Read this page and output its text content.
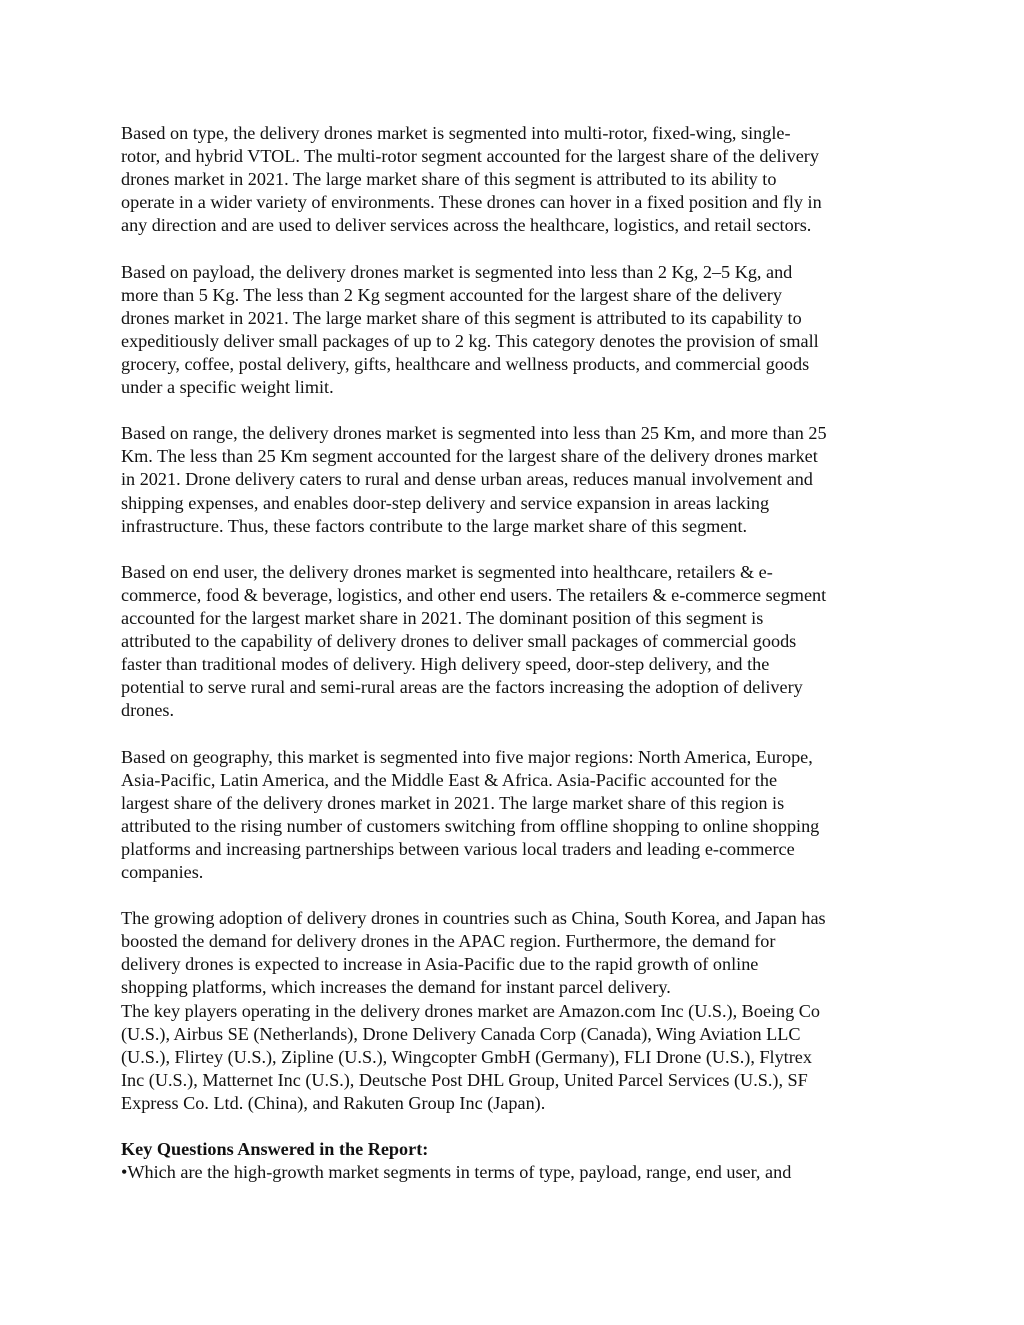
Based on type, the delivery drones market is segmented into multi-rotor, fixed-wing, single-
rotor, and hybrid VTOL. The multi-rotor segment accounted for the largest share of the delivery
drones market in 2021. The large market share of this segment is attributed to its ability to
operate in a wider variety of environments. These drones can hover in a fixed position and fly in
any direction and are used to deliver services across the healthcare, logistics, and retail sectors.

Based on payload, the delivery drones market is segmented into less than 2 Kg, 2–5 Kg, and
more than 5 Kg. The less than 2 Kg segment accounted for the largest share of the delivery
drones market in 2021. The large market share of this segment is attributed to its capability to
expeditiously deliver small packages of up to 2 kg. This category denotes the provision of small
grocery, coffee, postal delivery, gifts, healthcare and wellness products, and commercial goods
under a specific weight limit.

Based on range, the delivery drones market is segmented into less than 25 Km, and more than 25
Km. The less than 25 Km segment accounted for the largest share of the delivery drones market
in 2021. Drone delivery caters to rural and dense urban areas, reduces manual involvement and
shipping expenses, and enables door-step delivery and service expansion in areas lacking
infrastructure. Thus, these factors contribute to the large market share of this segment.

Based on end user, the delivery drones market is segmented into healthcare, retailers & e-
commerce, food & beverage, logistics, and other end users. The retailers & e-commerce segment
accounted for the largest market share in 2021. The dominant position of this segment is
attributed to the capability of delivery drones to deliver small packages of commercial goods
faster than traditional modes of delivery. High delivery speed, door-step delivery, and the
potential to serve rural and semi-rural areas are the factors increasing the adoption of delivery
drones.

Based on geography, this market is segmented into five major regions: North America, Europe,
Asia-Pacific, Latin America, and the Middle East & Africa. Asia-Pacific accounted for the
largest share of the delivery drones market in 2021. The large market share of this region is
attributed to the rising number of customers switching from offline shopping to online shopping
platforms and increasing partnerships between various local traders and leading e-commerce
companies.

The growing adoption of delivery drones in countries such as China, South Korea, and Japan has
boosted the demand for delivery drones in the APAC region. Furthermore, the demand for
delivery drones is expected to increase in Asia-Pacific due to the rapid growth of online
shopping platforms, which increases the demand for instant parcel delivery.

The key players operating in the delivery drones market are Amazon.com Inc (U.S.), Boeing Co
(U.S.), Airbus SE (Netherlands), Drone Delivery Canada Corp (Canada), Wing Aviation LLC
(U.S.), Flirtey (U.S.), Zipline (U.S.), Wingcopter GmbH (Germany), FLI Drone (U.S.), Flytrex
Inc (U.S.), Matternet Inc (U.S.), Deutsche Post DHL Group, United Parcel Services (U.S.), SF
Express Co. Ltd. (China), and Rakuten Group Inc (Japan).

Key Questions Answered in the Report:

•Which are the high-growth market segments in terms of type, payload, range, end user, and
